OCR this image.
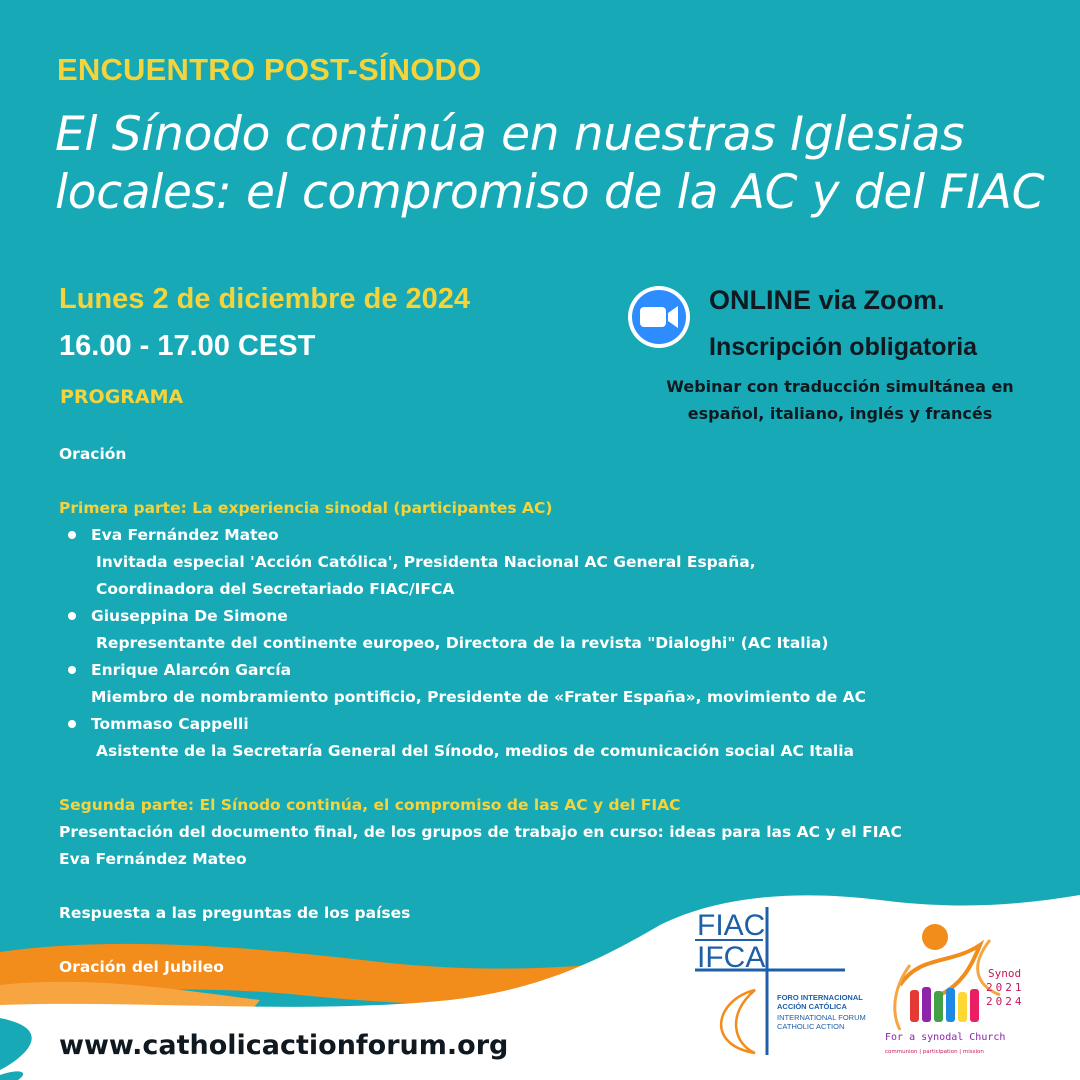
ENCUENTRO POST-SÍNODO
El Sínodo continúa en nuestras Iglesias
locales: el compromiso de la AC y del FIAC
Lunes 2 de diciembre de 2024
16.00 - 17.00 CEST
PROGRAMA
ONLINE via Zoom.
Inscripción obligatoria
Webinar con traducción simultánea en
español, italiano, inglés y francés
Oración
Primera parte: La experiencia sinodal (participantes AC)
Eva Fernández Mateo
Invitada especial 'Acción Católica', Presidenta Nacional AC General España,
Coordinadora del Secretariado FIAC/IFCA
Giuseppina De Simone
Representante del continente europeo, Directora de la revista "Dialoghi" (AC Italia)
Enrique Alarcón García
Miembro de nombramiento pontificio, Presidente de «Frater España», movimiento de AC
Tommaso Cappelli
Asistente de la Secretaría General del Sínodo, medios de comunicación social AC Italia
Segunda parte: El Sínodo continúa, el compromiso de las AC y del FIAC
Presentación del documento final, de los grupos de trabajo en curso: ideas para las AC y el FIAC
Eva Fernández Mateo
Respuesta a las preguntas de los países
Oración del Jubileo
www.catholicactionforum.org
FIAC
IFCA
FORO INTERNACIONAL
ACCIÓN CATÓLICA
INTERNATIONAL FORUM
CATHOLIC ACTION
Synod
2021
2024
For a synodal Church
communion | participation | mission
